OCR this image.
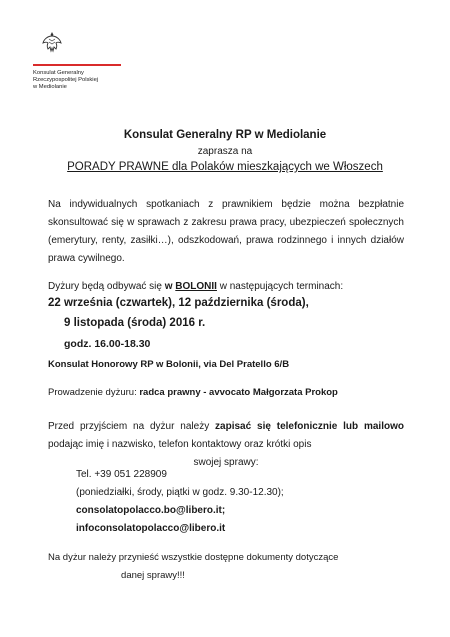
Konsulat Generalny
Rzeczypospolitej Polskiej
w Mediolanie
Konsulat Generalny RP w Mediolanie
zaprasza na
PORADY PRAWNE dla Polaków mieszkających we Włoszech
Na indywidualnych spotkaniach z prawnikiem będzie można bezpłatnie skonsultować się w sprawach z zakresu prawa pracy, ubezpieczeń społecznych (emerytury, renty, zasiłki…), odszkodowań, prawa rodzinnego i innych działów prawa cywilnego.
Dyżury będą odbywać się w BOLONII w następujących terminach:
22 września (czwartek), 12 października (środa),
9 listopada (środa) 2016 r.
godz. 16.00-18.30
Konsulat Honorowy RP w Bolonii, via Del Pratello 6/B
Prowadzenie dyżuru: radca prawny - avvocato Małgorzata Prokop
Przed przyjściem na dyżur należy zapisać się telefonicznie lub mailowo podając imię i nazwisko, telefon kontaktowy oraz krótki opis
swojej sprawy:
Tel. +39 051 228909
(poniedziałki, środy, piątki w godz. 9.30-12.30);
consolatopolacco.bo@libero.it;
infoconsolatopolacco@libero.it
Na dyżur należy przynieść wszystkie dostępne dokumenty dotyczące
danej sprawy!!!
